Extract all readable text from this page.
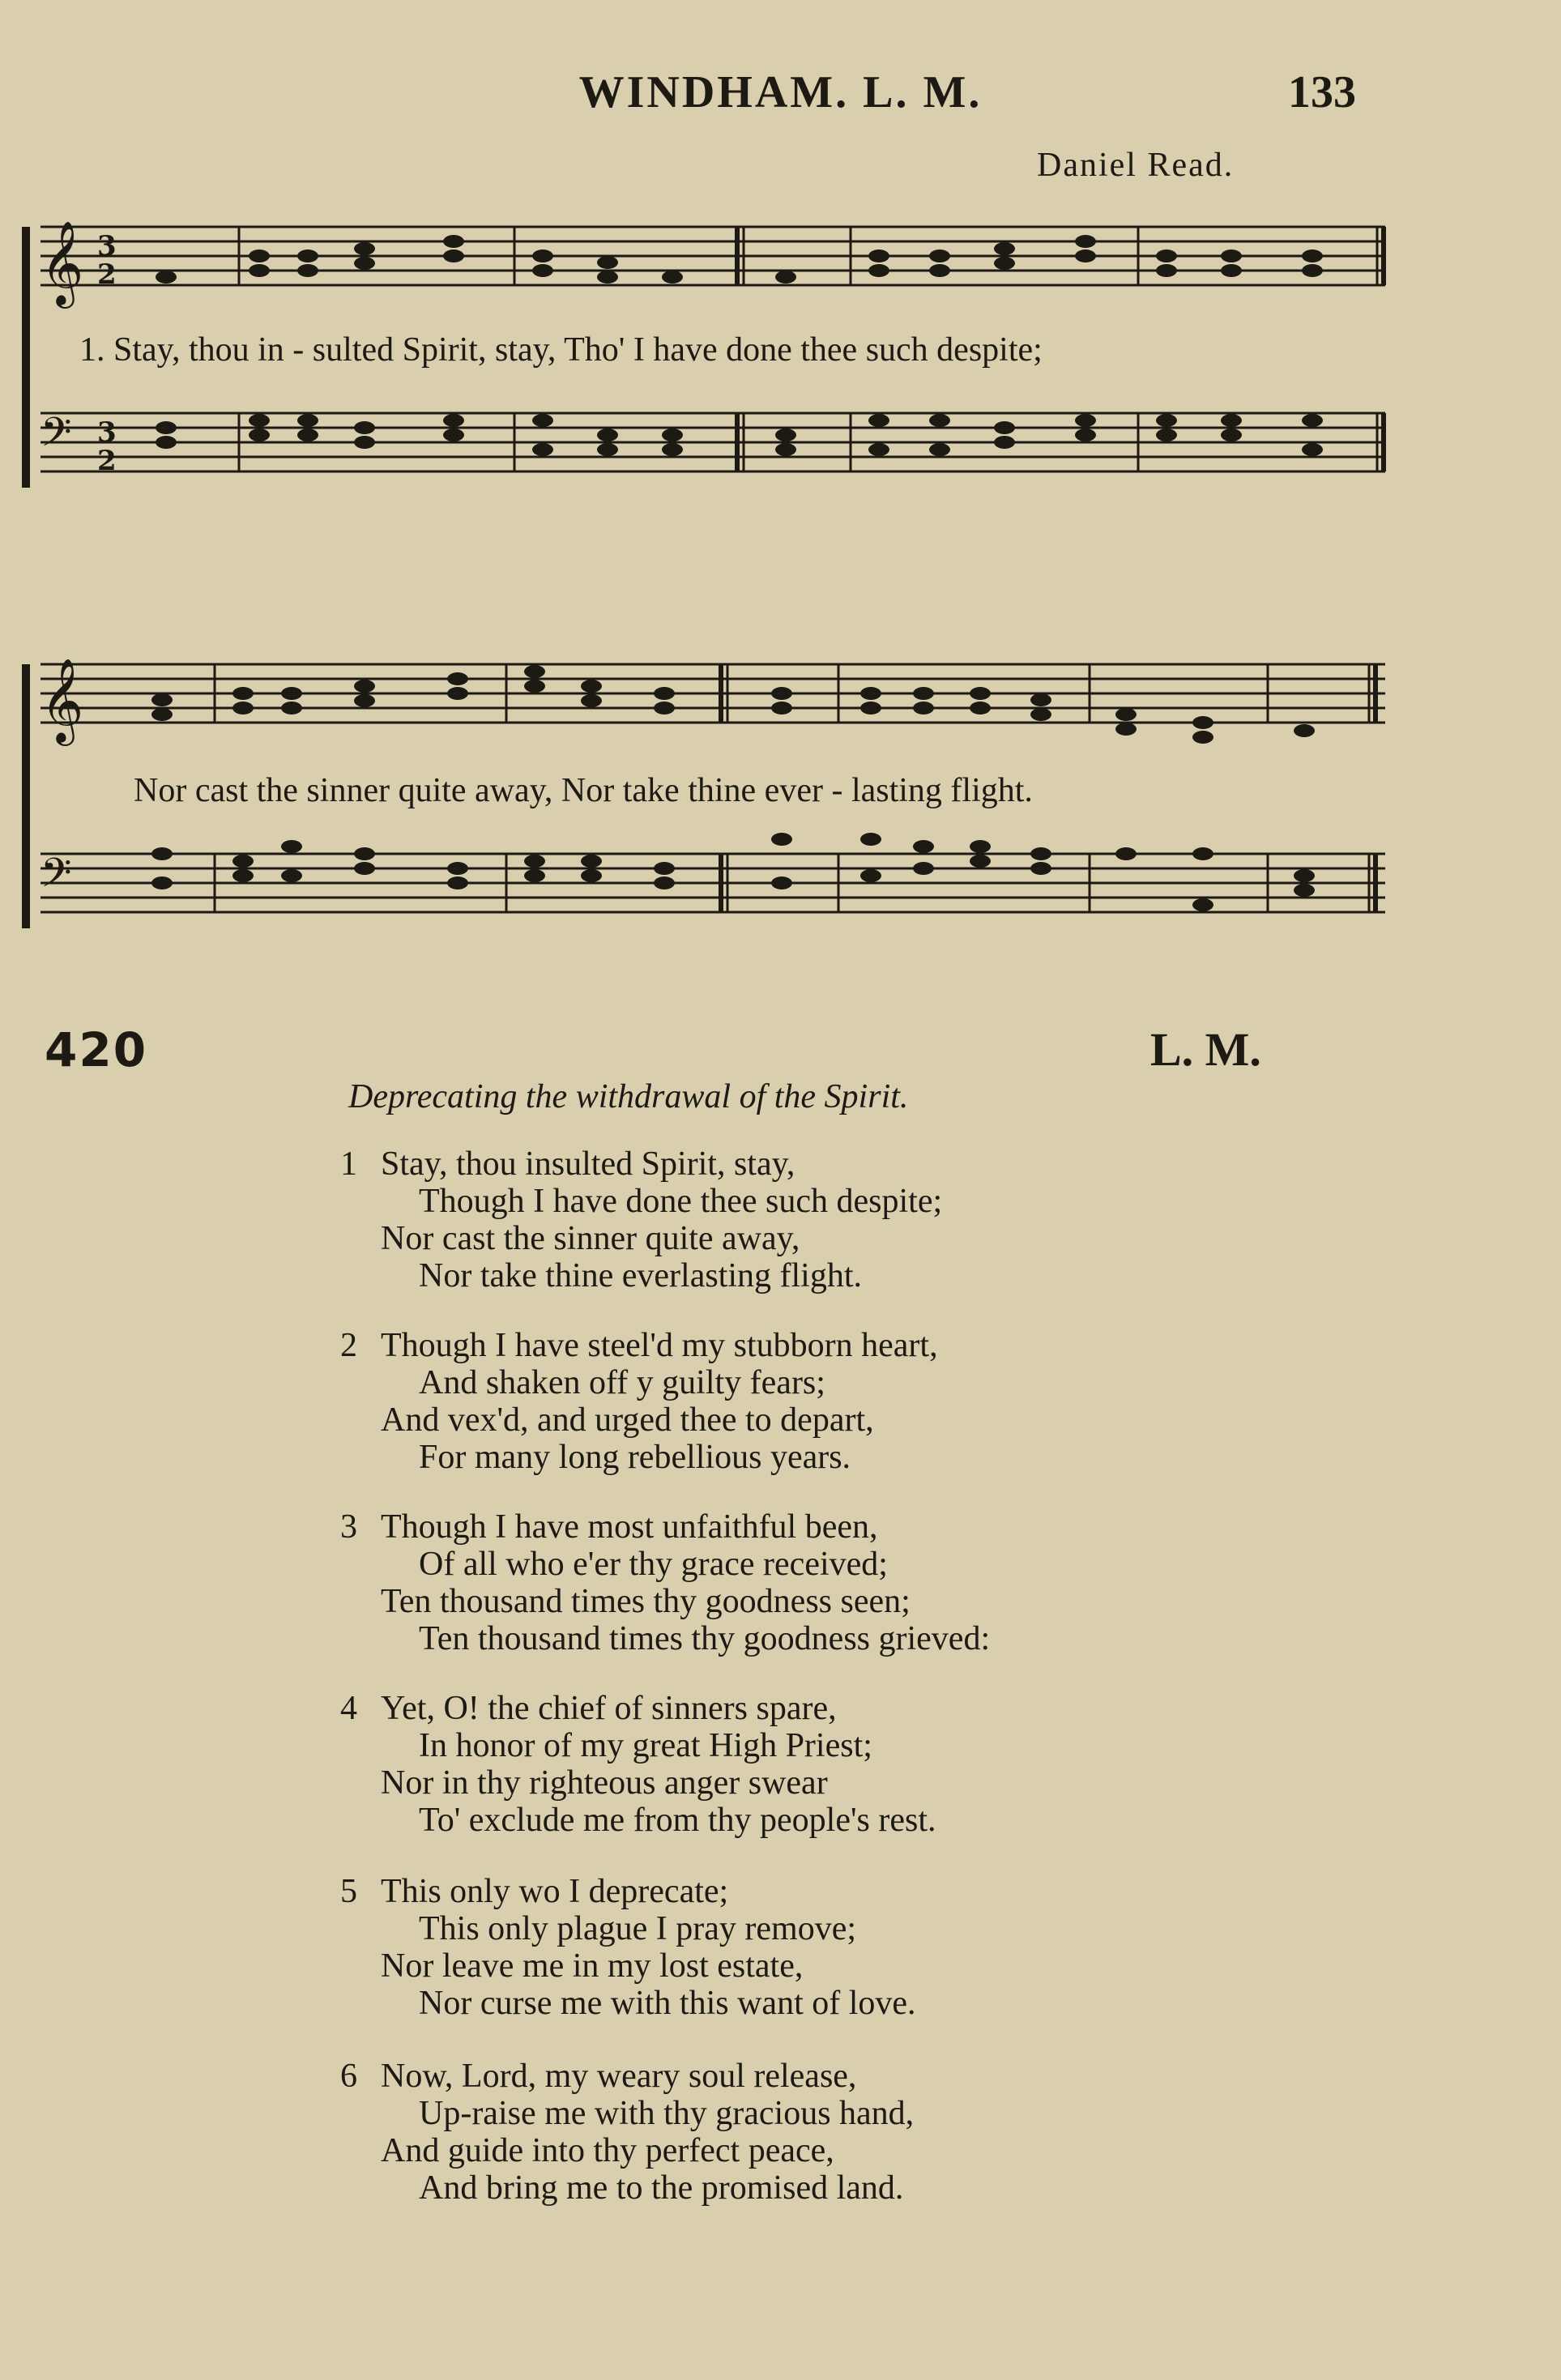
WINDHAM. L. M.	133
Daniel Read.
𝄞
𝄢
3
2
3
2
1. Stay, thou in - sulted Spirit, stay, Tho' I have done thee such despite;
𝄞
𝄢
Nor cast the sinner quite away, Nor take thine ever - lasting flight.
420	L. M.
Deprecating the withdrawal of the Spirit.
1 Stay, thou insulted Spirit, stay,
Though I have done thee such despite;
Nor cast the sinner quite away,
Nor take thine everlasting flight.
2 Though I have steel'd my stubborn heart,
And shaken off y guilty fears;
And vex'd, and urged thee to depart,
For many long rebellious years.
3 Though I have most unfaithful been,
Of all who e'er thy grace received;
Ten thousand times thy goodness seen;
Ten thousand times thy goodness grieved:
4 Yet, O! the chief of sinners spare,
In honor of my great High Priest;
Nor in thy righteous anger swear
To' exclude me from thy people's rest.
5 This only wo I deprecate;
This only plague I pray remove;
Nor leave me in my lost estate,
Nor curse me with this want of love.
6 Now, Lord, my weary soul release,
Up-raise me with thy gracious hand,
And guide into thy perfect peace,
And bring me to the promised land.
